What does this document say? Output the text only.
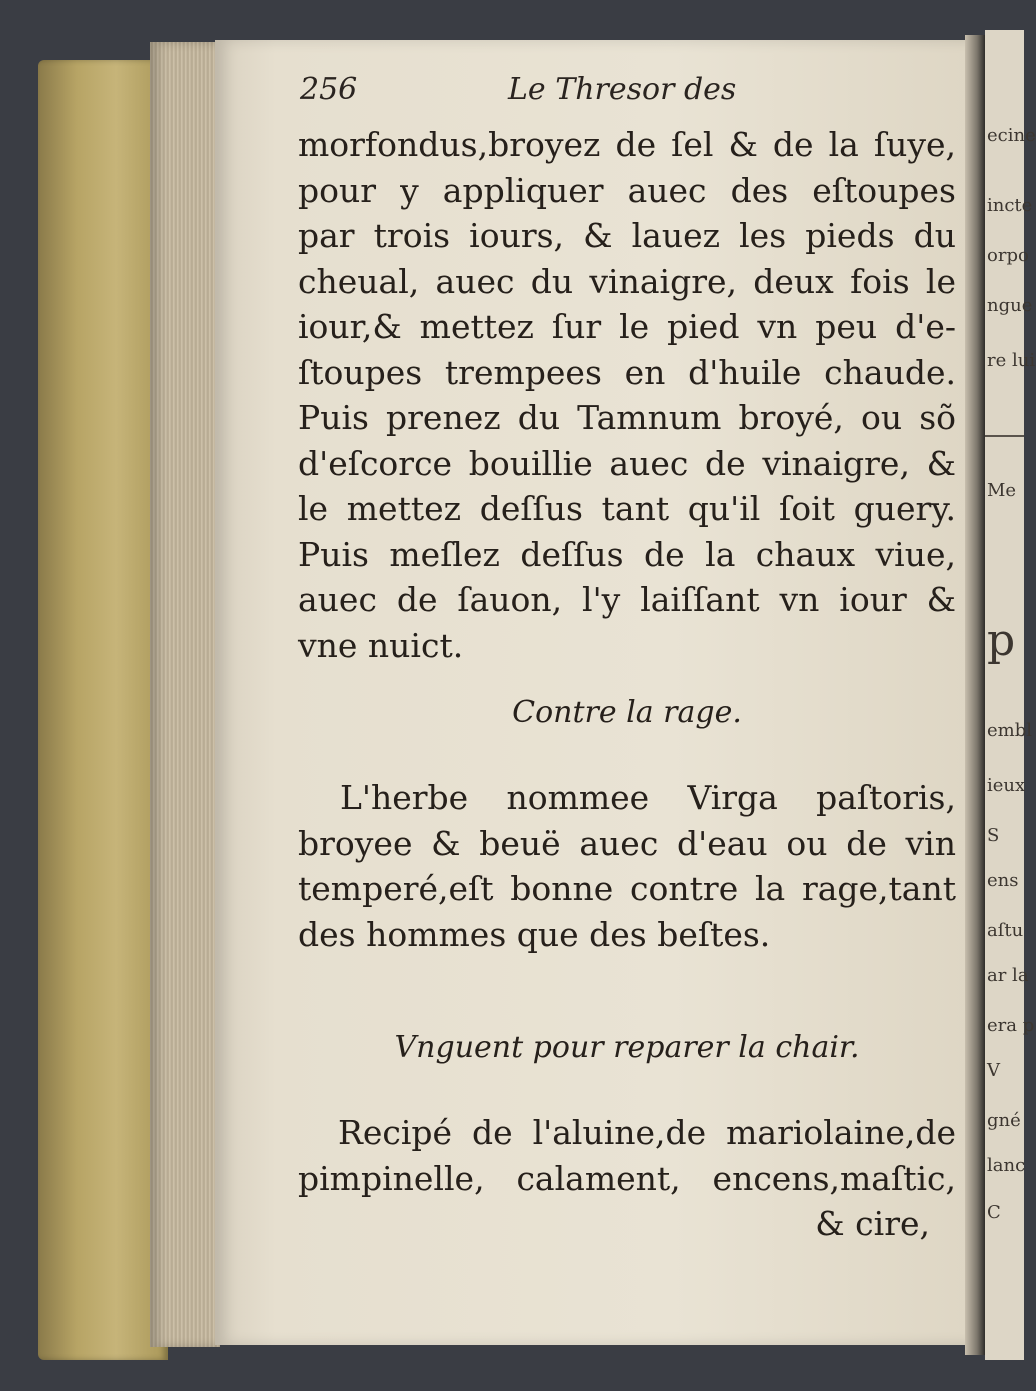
ecine
incte
orpo
ngue
re lui
Me
p
embl
ieux
S
ens
aſtu
ar la
era p
V
gné
lanc
C
256	Le Thresor des
morfondus,broyez de ſel & de la ſuye,
pour y appliquer auec des eſtoupes
par trois iours, & lauez les pieds du
cheual, auec du vinaigre, deux fois le
iour,& mettez ſur le pied vn peu d'e-
ſtoupes trempees en d'huile chaude.
Puis prenez du Tamnum broyé, ou sõ
d'eſcorce bouillie auec de vinaigre, &
le mettez deſſus tant qu'il ſoit guery.
Puis meſlez deſſus de la chaux viue,
auec de ſauon, l'y laiſſant vn iour &
vne nuict.
Contre la rage.
L'herbe nommee Virga paſtoris,
broyee & beuë auec d'eau ou de vin
temperé,eſt bonne contre la rage,tant
des hommes que des beſtes.
Vnguent pour reparer la chair.
Recipé de l'aluine,de mariolaine,de
pimpinelle, calament, encens,maſtic,
& cire,
